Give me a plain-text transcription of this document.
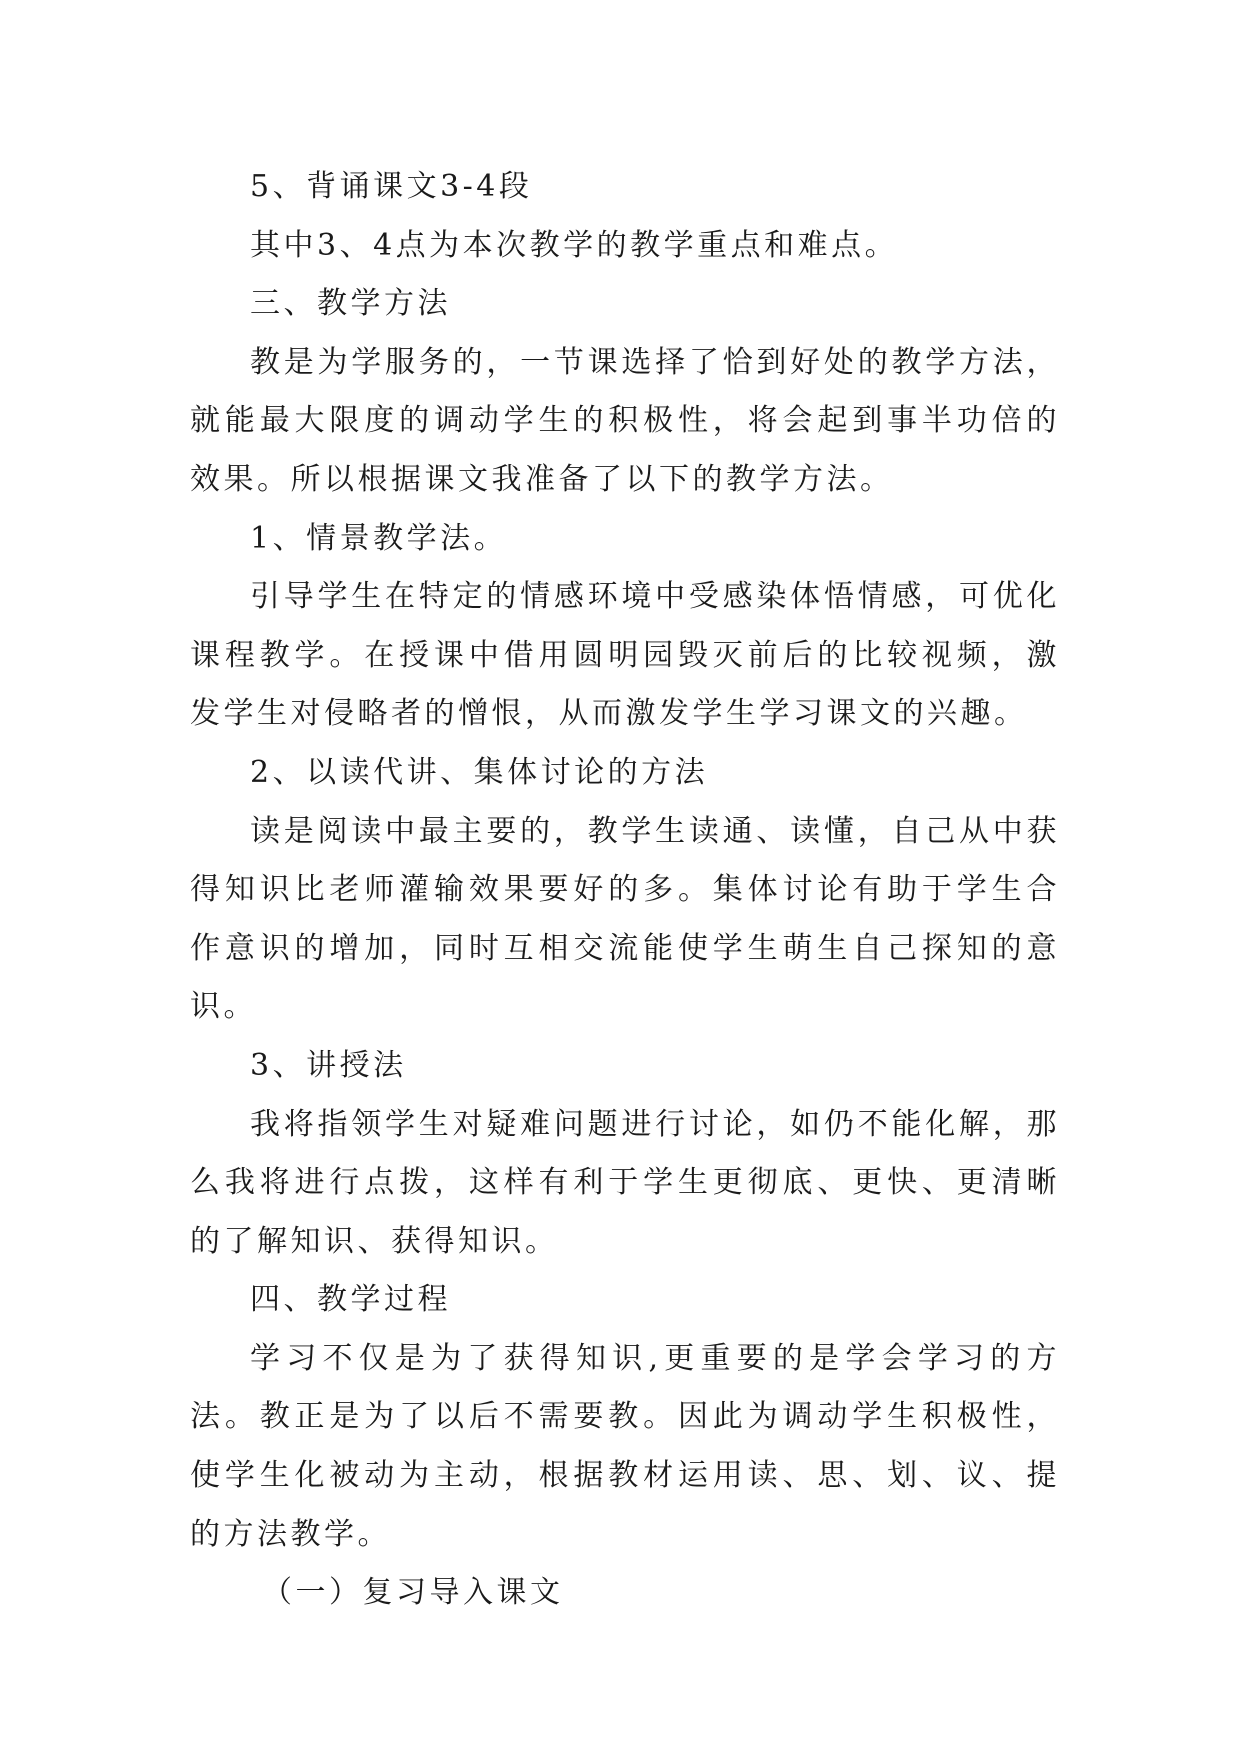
5、背诵课文3-4段

其中3、4点为本次教学的教学重点和难点。

三、教学方法

教是为学服务的，一节课选择了恰到好处的教学方法，就能最大限度的调动学生的积极性，将会起到事半功倍的效果。所以根据课文我准备了以下的教学方法。

1、情景教学法。

引导学生在特定的情感环境中受感染体悟情感，可优化课程教学。在授课中借用圆明园毁灭前后的比较视频，激发学生对侵略者的憎恨，从而激发学生学习课文的兴趣。

2、以读代讲、集体讨论的方法

读是阅读中最主要的，教学生读通、读懂，自己从中获得知识比老师灌输效果要好的多。集体讨论有助于学生合作意识的增加，同时互相交流能使学生萌生自己探知的意识。

3、讲授法

我将指领学生对疑难问题进行讨论，如仍不能化解，那么我将进行点拨，这样有利于学生更彻底、更快、更清晰的了解知识、获得知识。

四、教学过程

学习不仅是为了获得知识,更重要的是学会学习的方法。教正是为了以后不需要教。因此为调动学生积极性，使学生化被动为主动，根据教材运用读、思、划、议、提的方法教学。

（一）复习导入课文
